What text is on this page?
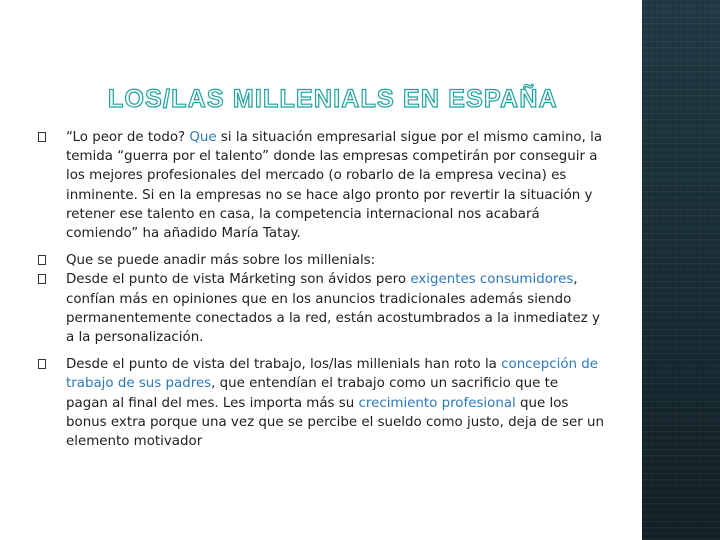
LOS/LAS MILLENIALS EN ESPAÑA
“Lo peor de todo? Que si la situación empresarial sigue por el mismo camino, la temida “guerra por el talento” donde las empresas competirán por conseguir a los mejores profesionales del mercado (o robarlo de la empresa vecina) es inminente. Si en la empresas no se hace algo pronto por revertir la situación y retener ese talento en casa, la competencia internacional nos acabará comiendo” ha añadido María Tatay.
Que se puede anadir más sobre los millenials:
Desde el punto de vista Márketing son ávidos pero exigentes consumidores, confían más en opiniones que en los anuncios tradicionales además siendo permanentemente conectados a la red, están acostumbrados a la inmediatez y a la personalización.
Desde el punto de vista del trabajo, los/las millenials han roto la concepción de trabajo de sus padres, que entendían el trabajo como un sacrificio que te pagan al final del mes. Les importa más su crecimiento profesional que los bonus extra porque una vez que se percibe el sueldo como justo, deja de ser un elemento motivador
